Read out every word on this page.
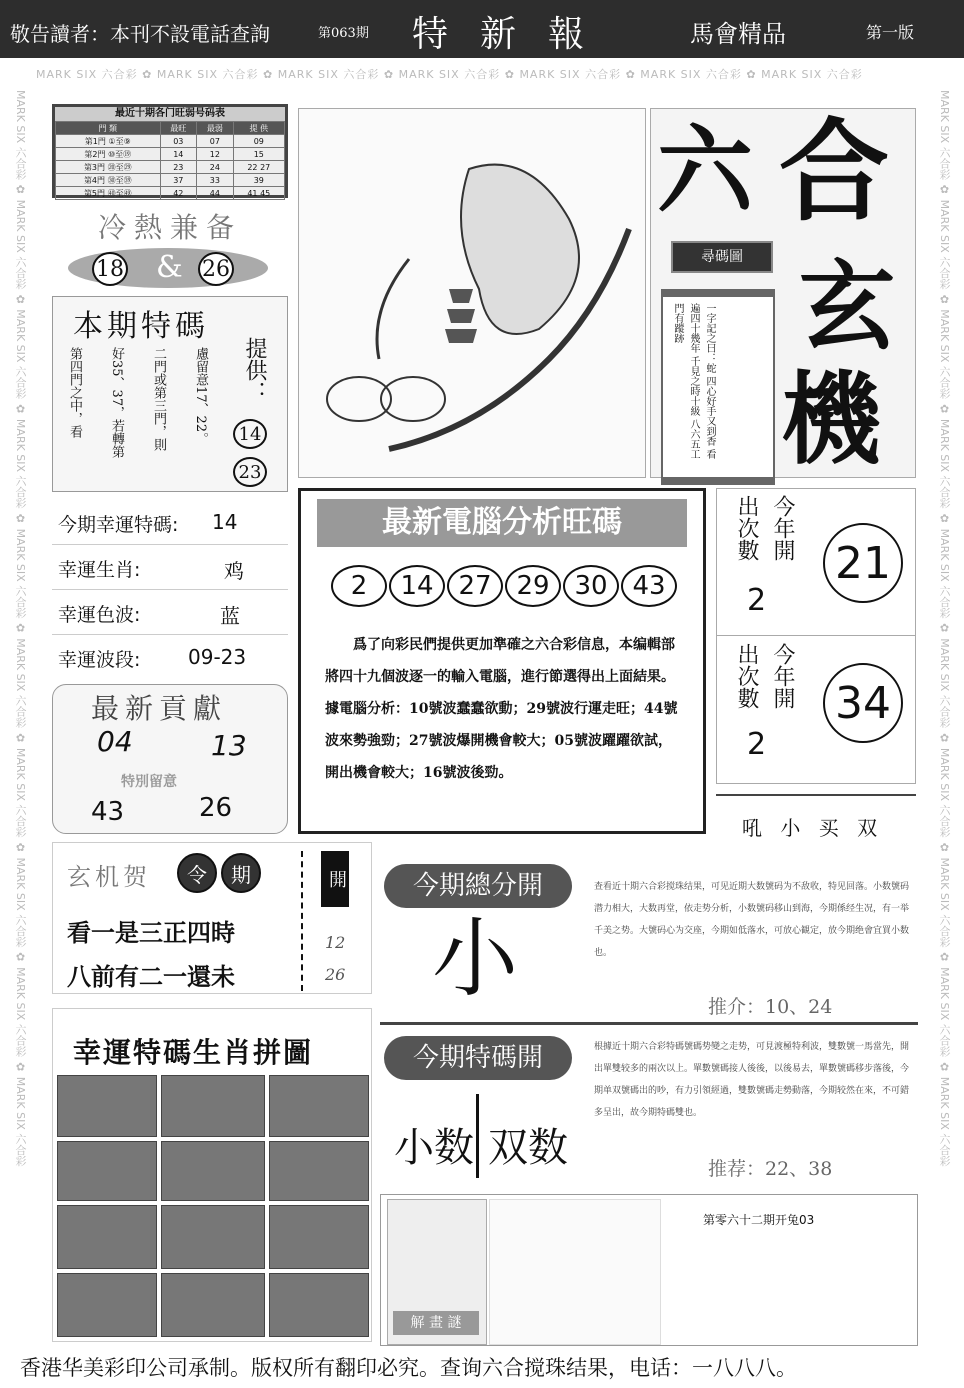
敬告讀者：本刊不設電話查詢	第063期 特新報	馬會精品	第一版
MARK SIX 六合彩 ✿ MARK SIX 六合彩 ✿ MARK SIX 六合彩 ✿ MARK SIX 六合彩 ✿ MARK SIX 六合彩 ✿ MARK SIX 六合彩 ✿ MARK SIX 六合彩
MARK SIX 六合彩 ✿ MARK SIX 六合彩 ✿ MARK SIX 六合彩 ✿ MARK SIX 六合彩 ✿ MARK SIX 六合彩 ✿ MARK SIX 六合彩 ✿ MARK SIX 六合彩 ✿ MARK SIX 六合彩 ✿ MARK SIX 六合彩 ✿ MARK SIX 六合彩
MARK SIX 六合彩 ✿ MARK SIX 六合彩 ✿ MARK SIX 六合彩 ✿ MARK SIX 六合彩 ✿ MARK SIX 六合彩 ✿ MARK SIX 六合彩 ✿ MARK SIX 六合彩 ✿ MARK SIX 六合彩 ✿ MARK SIX 六合彩 ✿ MARK SIX 六合彩
最近十期各门旺弱号码表
門 類	最旺	最弱	提 供
第1門 ①至⑨	03	07	09
第2門 ⑩至⑲	14	12	15
第3門 ⑳至㉙	23	24	22 27
第4門 ㉚至㊴	37	33	39
第5門 ㊵至㊾	42	44	41 45
冷熱兼备
18 & 26
本期特碼
慮留意17、22。
二門或第三門，則
好35、37，若轉第
第四門之中，看	提供：
14
23
今期幸運特碼: 14
幸運生肖:	鸡
幸運色波:	蓝
幸運波段: 09-23
最新貢獻
04	13
特別留意
43	26
玄机贺	令	期
看一是三正四時
八前有二一還未
開
12
26
幸運特碼生肖拼圖
六 合
玄
機
尋碼圖
一字記之曰：蛇 四心好手又到香 看遍四十幾年 千見之時十級 八六五工門有蹤跡
最新電腦分析旺碼
2	14 27 29 30 43
爲了向彩民們提供更加準確之六合彩信息，本编輯部將四十九個波逐一的輸入電腦，進行節選得出上面結果。據電腦分析：10號波蠢蠢欲動；29號波行運走旺；44號波來勢強勁；27號波爆開機會較大；05號波躍躍欲試，開出機會較大；16號波後勁。
今年開
出次數
2
21
今年開
出次數
2
34
吼 小 买 双
今期總分開
小
查看近十期六合彩搅珠结果，可见近期大数號码为不敌收，特见回落。小数號码潜力相大，大数再堂，依走势分析，小数號码移山到海，今期係经生况，有一举千美之势。大號码心为交座，今期如低落水，可放心観定，放今期绝會宜買小数也。
推介：10、24
今期特碼開
小数 双数
根據近十期六合彩特碼號碼势變之走势，可見渡極特利波，雙數號一馬當先，開出單雙较多的兩次以上。單數號碼接人後後，以後易去，單數號碼移步落後，今期单双號碼出的吵，有力引領經過，雙數號碼走勢動落，今期较然在來，不可錯多呈出，故今期特碼雙也。
推荐：22、38
解 畫 謎
第零六十二期开兔03
香港华美彩印公司承制。版权所有翻印必究。查询六合搅珠结果，电话：一八八八。
